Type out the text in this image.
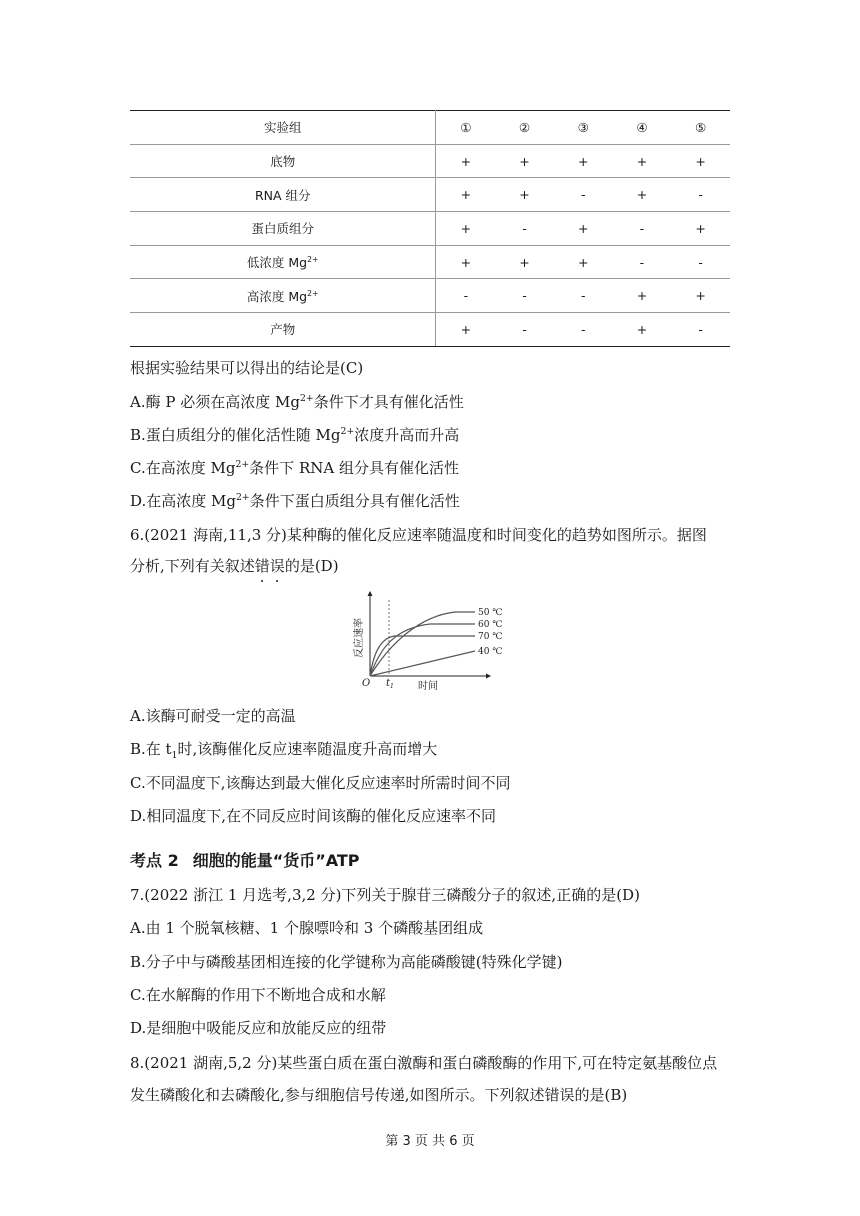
实验组	①	②	③	④	⑤
底物	+	+	+	+	+
RNA 组分	+	+	-	+	-
蛋白质组分	+	-	+	-	+
低浓度 $Mg^{2+}$	+	+	+	-	-
高浓度 $Mg^{2+}$	-	-	-	+	+
产物	+	-	-	+	-
根据实验结果可以得出的结论是(C)
A.酶 P 必须在高浓度 $Mg^{2+}$条件下才具有催化活性
B.蛋白质组分的催化活性随 $Mg^{2+}$浓度升高而升高
C.在高浓度 $Mg^{2+}$条件下 RNA 组分具有催化活性
D.在高浓度 $Mg^{2+}$条件下蛋白质组分具有催化活性
6.(2021 海南,11,3 分)某种酶的催化反应速率随温度和时间变化的趋势如图所示。据图
分析,下列有关叙述错误的是(D)
50 ℃
60 ℃
70 ℃
40 ℃
反应速率
时间
O $t_1$
A.该酶可耐受一定的高温
B.在 $t_1$时,该酶催化反应速率随温度升高而增大
C.不同温度下,该酶达到最大催化反应速率时所需时间不同
D.相同温度下,在不同反应时间该酶的催化反应速率不同
考点 2 细胞的能量“货币”ATP
7.(2022 浙江 1 月选考,3,2 分)下列关于腺苷三磷酸分子的叙述,正确的是(D)
A.由 1 个脱氧核糖、1 个腺嘌呤和 3 个磷酸基团组成
B.分子中与磷酸基团相连接的化学键称为高能磷酸键(特殊化学键)
C.在水解酶的作用下不断地合成和水解
D.是细胞中吸能反应和放能反应的纽带
8.(2021 湖南,5,2 分)某些蛋白质在蛋白激酶和蛋白磷酸酶的作用下,可在特定氨基酸位点
发生磷酸化和去磷酸化,参与细胞信号传递,如图所示。下列叙述错误的是(B)
第 3 页 共 6 页
